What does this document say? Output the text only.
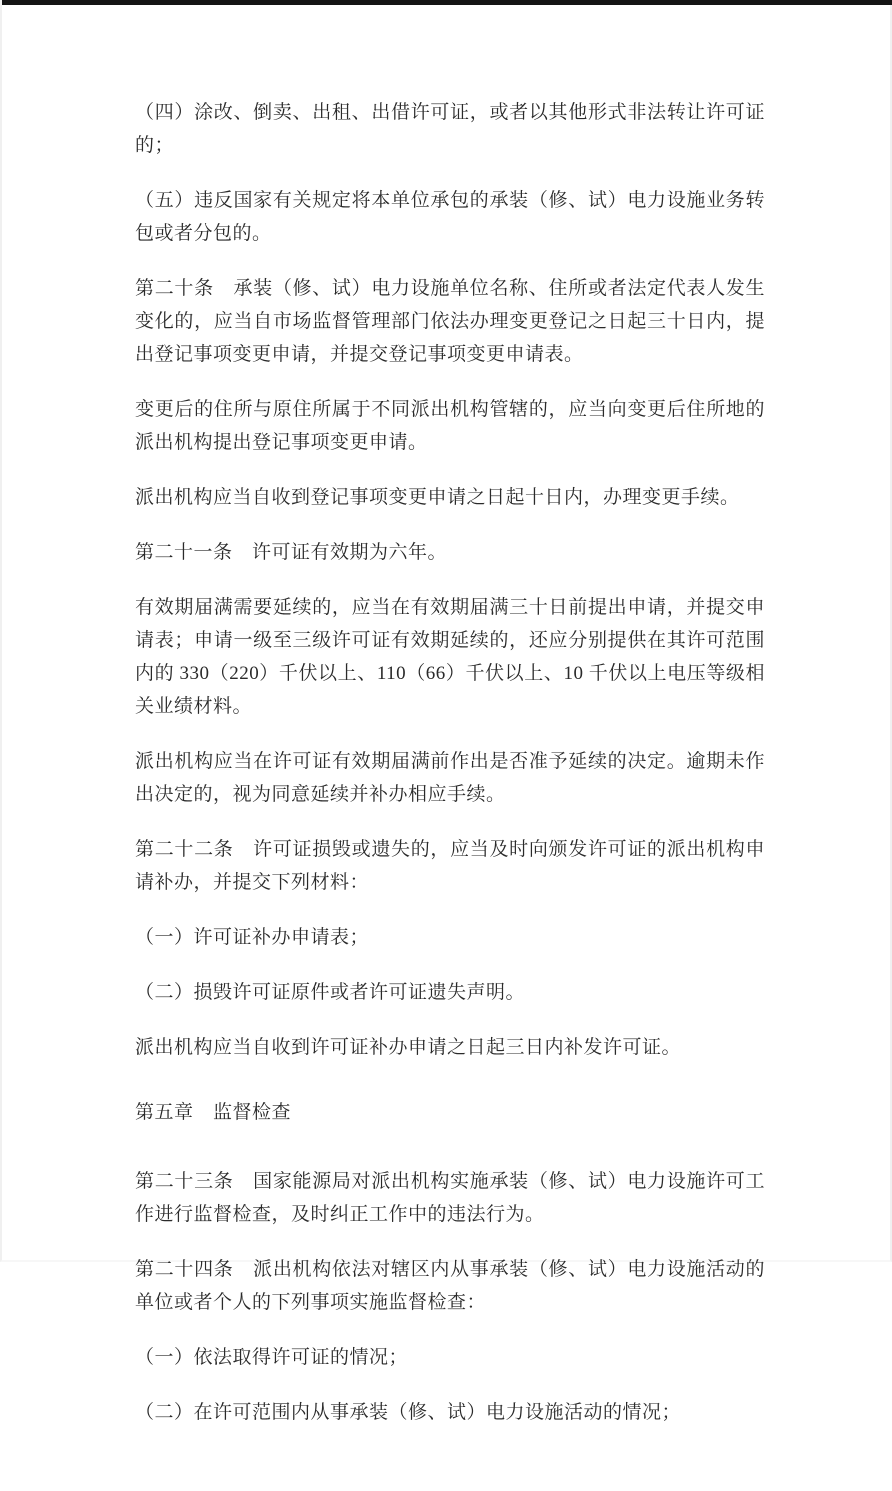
（四）涂改、倒卖、出租、出借许可证，或者以其他形式非法转让许可证的；

（五）违反国家有关规定将本单位承包的承装（修、试）电力设施业务转包或者分包的。

第二十条　承装（修、试）电力设施单位名称、住所或者法定代表人发生变化的，应当自市场监督管理部门依法办理变更登记之日起三十日内，提出登记事项变更申请，并提交登记事项变更申请表。

变更后的住所与原住所属于不同派出机构管辖的，应当向变更后住所地的派出机构提出登记事项变更申请。

派出机构应当自收到登记事项变更申请之日起十日内，办理变更手续。

第二十一条　许可证有效期为六年。

有效期届满需要延续的，应当在有效期届满三十日前提出申请，并提交申请表；申请一级至三级许可证有效期延续的，还应分别提供在其许可范围内的 330（220）千伏以上、110（66）千伏以上、10 千伏以上电压等级相关业绩材料。

派出机构应当在许可证有效期届满前作出是否准予延续的决定。逾期未作出决定的，视为同意延续并补办相应手续。

第二十二条　许可证损毁或遗失的，应当及时向颁发许可证的派出机构申请补办，并提交下列材料：

（一）许可证补办申请表；

（二）损毁许可证原件或者许可证遗失声明。

派出机构应当自收到许可证补办申请之日起三日内补发许可证。

第五章　监督检查

第二十三条　国家能源局对派出机构实施承装（修、试）电力设施许可工作进行监督检查，及时纠正工作中的违法行为。

第二十四条　派出机构依法对辖区内从事承装（修、试）电力设施活动的单位或者个人的下列事项实施监督检查：

（一）依法取得许可证的情况；

（二）在许可范围内从事承装（修、试）电力设施活动的情况；
